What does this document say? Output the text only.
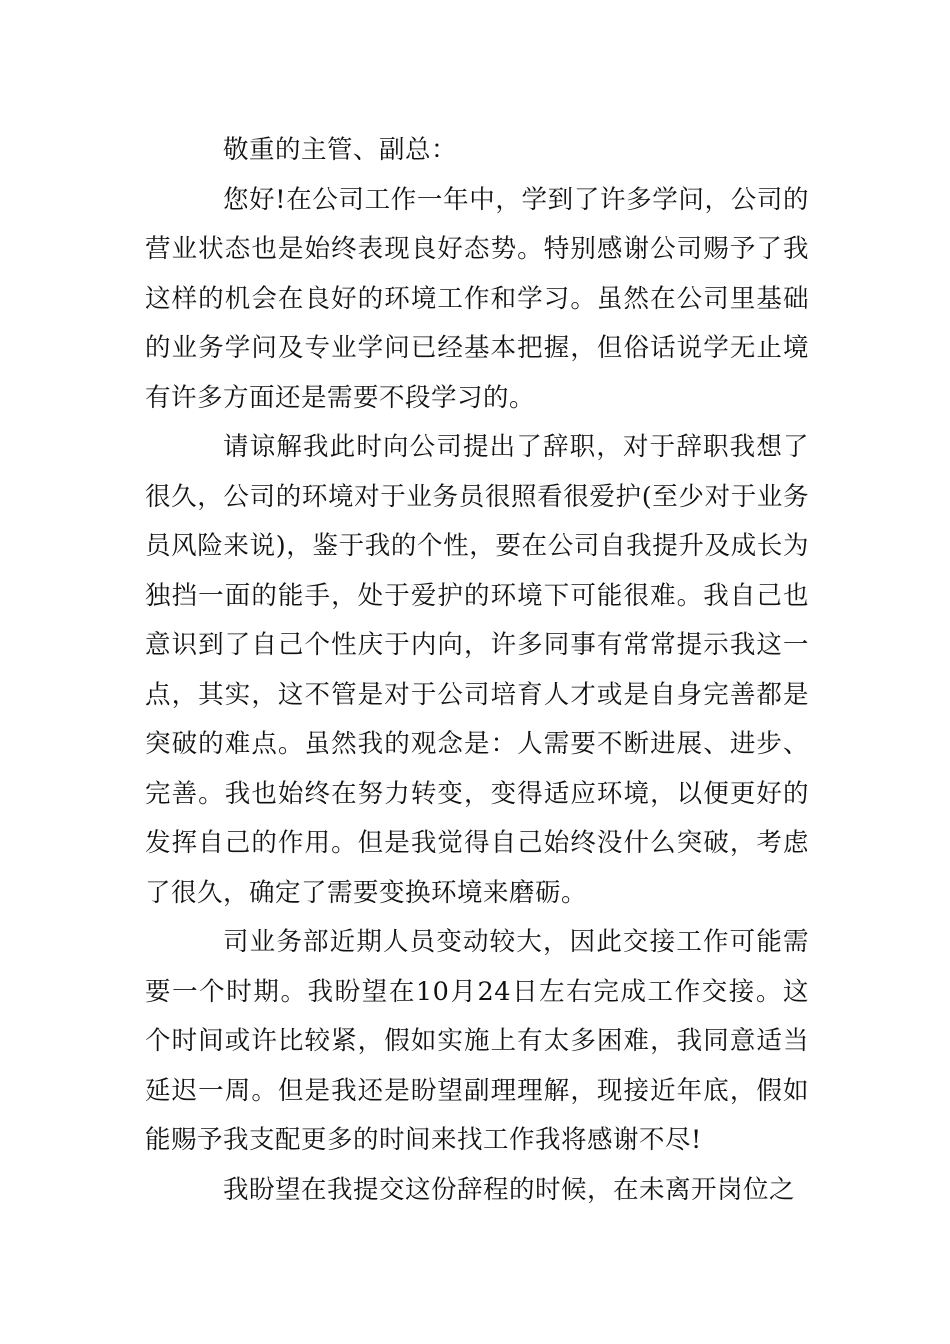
敬重的主管、副总：

您好!在公司工作一年中，学到了许多学问，公司的营业状态也是始终表现良好态势。特别感谢公司赐予了我这样的机会在良好的环境工作和学习。虽然在公司里基础的业务学问及专业学问已经基本把握，但俗话说学无止境有许多方面还是需要不段学习的。

请谅解我此时向公司提出了辞职，对于辞职我想了很久，公司的环境对于业务员很照看很爱护(至少对于业务员风险来说)，鉴于我的个性，要在公司自我提升及成长为独挡一面的能手，处于爱护的环境下可能很难。我自己也意识到了自己个性庆于内向，许多同事有常常提示我这一点，其实，这不管是对于公司培育人才或是自身完善都是突破的难点。虽然我的观念是：人需要不断进展、进步、完善。我也始终在努力转变，变得适应环境，以便更好的发挥自己的作用。但是我觉得自己始终没什么突破，考虑了很久，确定了需要变换环境来磨砺。

司业务部近期人员变动较大，因此交接工作可能需要一个时期。我盼望在10月24日左右完成工作交接。这个时间或许比较紧，假如实施上有太多困难，我同意适当延迟一周。但是我还是盼望副理理解，现接近年底，假如能赐予我支配更多的时间来找工作我将感谢不尽!

我盼望在我提交这份辞程的时候，在未离开岗位之
